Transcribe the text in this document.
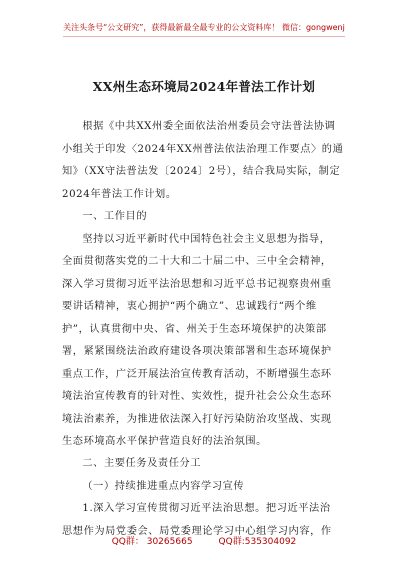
关注头条号“公文研究”，获得最新最全最专业的公文资料库！ 微信：gongwenj
XX州生态环境局2024年普法工作计划
根据《中共XX州委全面依法治州委员会守法普法协调
小组关于印发〈2024年XX州普法依法治理工作要点〉的通
知》（XX守法普法发〔2024〕2号），结合我局实际，制定
2024年普法工作计划。
一、工作目的
坚持以习近平新时代中国特色社会主义思想为指导，
全面贯彻落实党的二十大和二十届二中、三中全会精神，
深入学习贯彻习近平法治思想和习近平总书记视察贵州重
要讲话精神，衷心拥护“两个确立”、忠诚践行“两个维
护”，认真贯彻中央、省、州关于生态环境保护的决策部
署，紧紧围绕法治政府建设各项决策部署和生态环境保护
重点工作，广泛开展法治宣传教育活动，不断增强生态环
境法治宣传教育的针对性、实效性，提升社会公众生态环
境法治素养，为推进依法深入打好污染防治攻坚战、实现
生态环境高水平保护营造良好的法治氛围。
二、主要任务及责任分工
（一）持续推进重点内容学习宣传
1.深入学习宣传贯彻习近平法治思想。把习近平法治
思想作为局党委会、局党委理论学习中心组学习内容，作
QQ群： 30265665	QQ群:535304092
